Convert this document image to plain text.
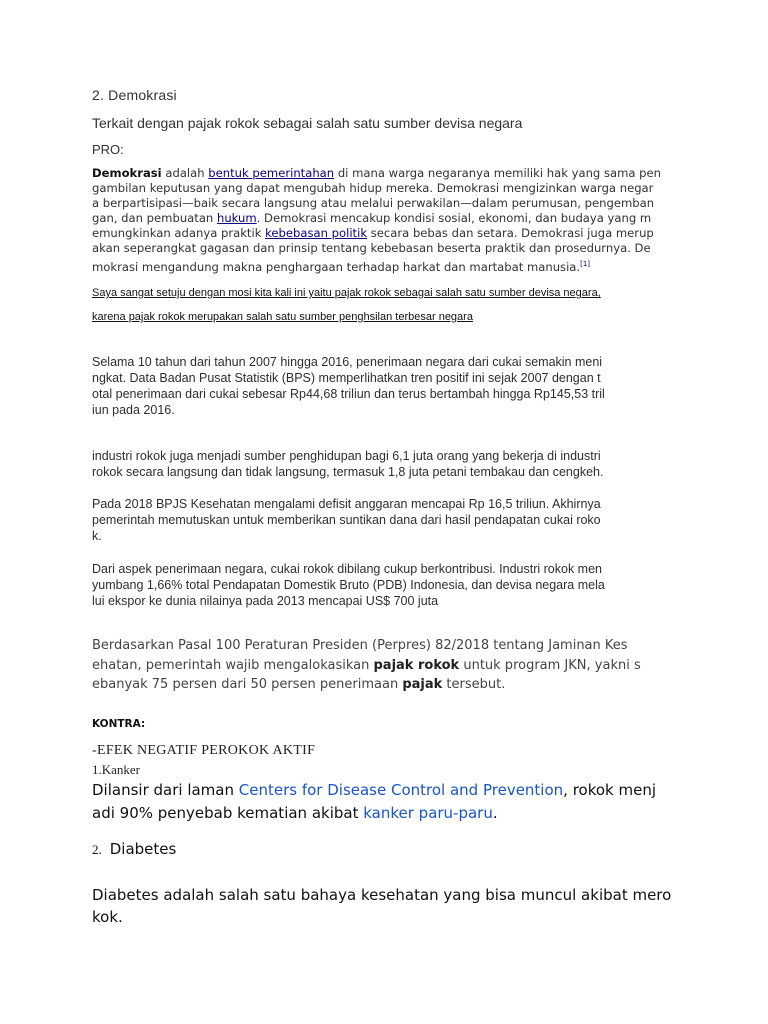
2. Demokrasi
Terkait dengan pajak rokok sebagai salah satu sumber devisa negara
PRO:
Demokrasi adalah bentuk pemerintahan di mana warga negaranya memiliki hak yang sama pen
gambilan keputusan yang dapat mengubah hidup mereka. Demokrasi mengizinkan warga negar
a berpartisipasi—baik secara langsung atau melalui perwakilan—dalam perumusan, pengemban
gan, dan pembuatan hukum. Demokrasi mencakup kondisi sosial, ekonomi, dan budaya yang m
emungkinkan adanya praktik kebebasan politik secara bebas dan setara. Demokrasi juga merup
akan seperangkat gagasan dan prinsip tentang kebebasan beserta praktik dan prosedurnya. De
mokrasi mengandung makna penghargaan terhadap harkat dan martabat manusia.[1]
Saya sangat setuju dengan mosi kita kali ini yaitu pajak rokok sebagai salah satu sumber devisa negara,
karena pajak rokok merupakan salah satu sumber penghsilan terbesar negara
Selama 10 tahun dari tahun 2007 hingga 2016, penerimaan negara dari cukai semakin meni
ngkat. Data Badan Pusat Statistik (BPS) memperlihatkan tren positif ini sejak 2007 dengan t
otal penerimaan dari cukai sebesar Rp44,68 triliun dan terus bertambah hingga Rp145,53 tril
iun pada 2016.
industri rokok juga menjadi sumber penghidupan bagi 6,1 juta orang yang bekerja di industri
rokok secara langsung dan tidak langsung, termasuk 1,8 juta petani tembakau dan cengkeh.
Pada 2018 BPJS Kesehatan mengalami defisit anggaran mencapai Rp 16,5 triliun. Akhirnya
pemerintah memutuskan untuk memberikan suntikan dana dari hasil pendapatan cukai roko
k.
Dari aspek penerimaan negara, cukai rokok dibilang cukup berkontribusi. Industri rokok men
yumbang 1,66% total Pendapatan Domestik Bruto (PDB) Indonesia, dan devisa negara mela
lui ekspor ke dunia nilainya pada 2013 mencapai US$ 700 juta
Berdasarkan Pasal 100 Peraturan Presiden (Perpres) 82/2018 tentang Jaminan Kes
ehatan, pemerintah wajib mengalokasikan pajak rokok untuk program JKN, yakni s
ebanyak 75 persen dari 50 persen penerimaan pajak tersebut.
KONTRA:
-EFEK NEGATIF PEROKOK AKTIF
1.Kanker
Dilansir dari laman Centers for Disease Control and Prevention, rokok menj
adi 90% penyebab kematian akibat kanker paru-paru.
2. Diabetes
Diabetes adalah salah satu bahaya kesehatan yang bisa muncul akibat mero
kok.
